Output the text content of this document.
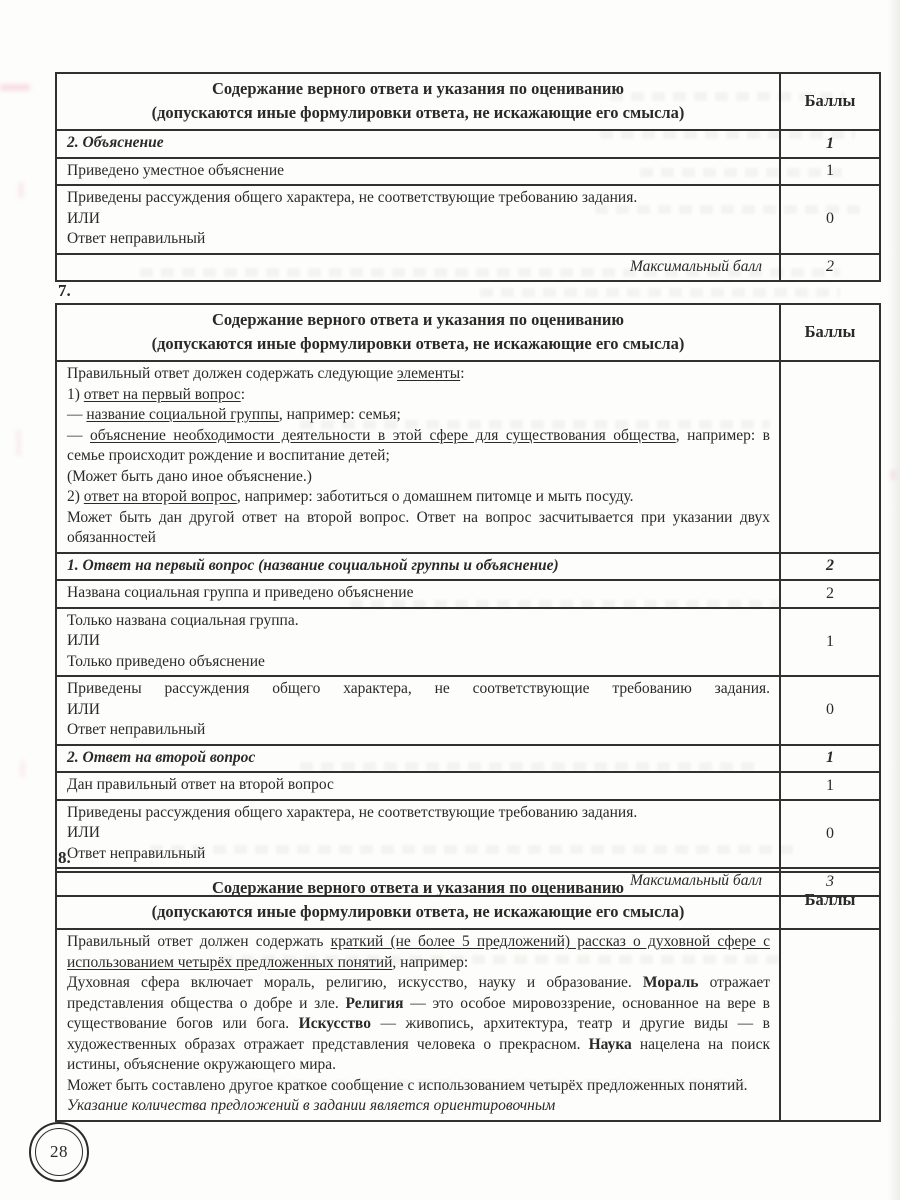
Содержание верного ответа и указания по оцениванию
(допускаются иные формулировки ответа, не искажающие его смысла)	Баллы

2. Объяснение	1

Приведено уместное объяснение	1

Приведены рассуждения общего характера, не соответствующие требованию задания.
ИЛИ
Ответ неправильный	0

Максимальный балл	2
7.
Содержание верного ответа и указания по оцениванию
(допускаются иные формулировки ответа, не искажающие его смысла)	Баллы

Правильный ответ должен содержать следующие элементы:
1) ответ на первый вопрос:
— название социальной группы, например: семья;
— объяснение необходимости деятельности в этой сфере для существования общества, например: в семье происходит рождение и воспитание детей;
(Может быть дано иное объяснение.)
2) ответ на второй вопрос, например: заботиться о домашнем питомце и мыть посуду.
Может быть дан другой ответ на второй вопрос. Ответ на вопрос засчитывается при указании двух обязанностей

1. Ответ на первый вопрос (название социальной группы и объяснение)	2

Названа социальная группа и приведено объяснение	2

Только названа социальная группа.
ИЛИ
Только приведено объяснение	1

Приведены рассуждения общего характера, не соответствующие требованию задания.
ИЛИ
Ответ неправильный	0

2. Ответ на второй вопрос	1

Дан правильный ответ на второй вопрос	1

Приведены рассуждения общего характера, не соответствующие требованию задания.
ИЛИ
Ответ неправильный	0

Максимальный балл	3
8.
Содержание верного ответа и указания по оцениванию
(допускаются иные формулировки ответа, не искажающие его смысла)	Баллы

Правильный ответ должен содержать краткий (не более 5 предложений) рассказ о духовной сфере с использованием четырёх предложенных понятий, например:
Духовная сфера включает мораль, религию, искусство, науку и образование. Мораль отражает представления общества о добре и зле. Религия — это особое мировоззрение, основанное на вере в существование богов или бога. Искусство — живопись, архитектура, театр и другие виды — в художественных образах отражает представления человека о прекрасном. Наука нацелена на поиск истины, объяснение окружающего мира.
Может быть составлено другое краткое сообщение с использованием четырёх предложенных понятий.
Указание количества предложений в задании является ориентировочным	

28
